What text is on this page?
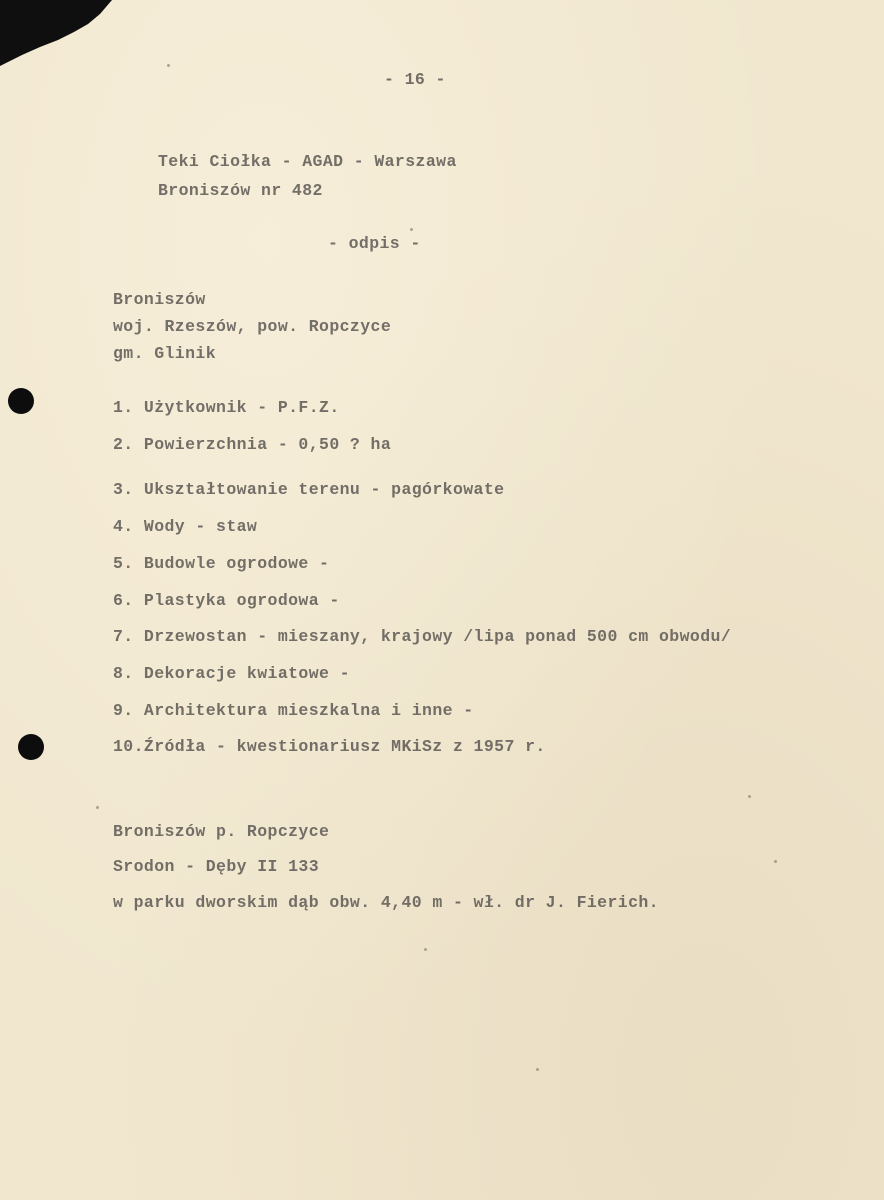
- 16 -
Teki Ciołka - AGAD - Warszawa
Broniszów nr 482
- odpis -
Broniszów
woj. Rzeszów, pow. Ropczyce
gm. Glinik
1. Użytkownik - P.F.Z.
2. Powierzchnia - 0,50 ? ha
3. Ukształtowanie terenu - pagórkowate
4. Wody - staw
5. Budowle ogrodowe -
6. Plastyka ogrodowa -
7. Drzewostan - mieszany, krajowy /lipa ponad 500 cm obwodu/
8. Dekoracje kwiatowe -
9. Architektura mieszkalna i inne -
10.Źródła - kwestionariusz MKiSz z 1957 r.
Broniszów p. Ropczyce
Srodon - Dęby II 133
w parku dworskim dąb obw. 4,40 m - wł. dr J. Fierich.
